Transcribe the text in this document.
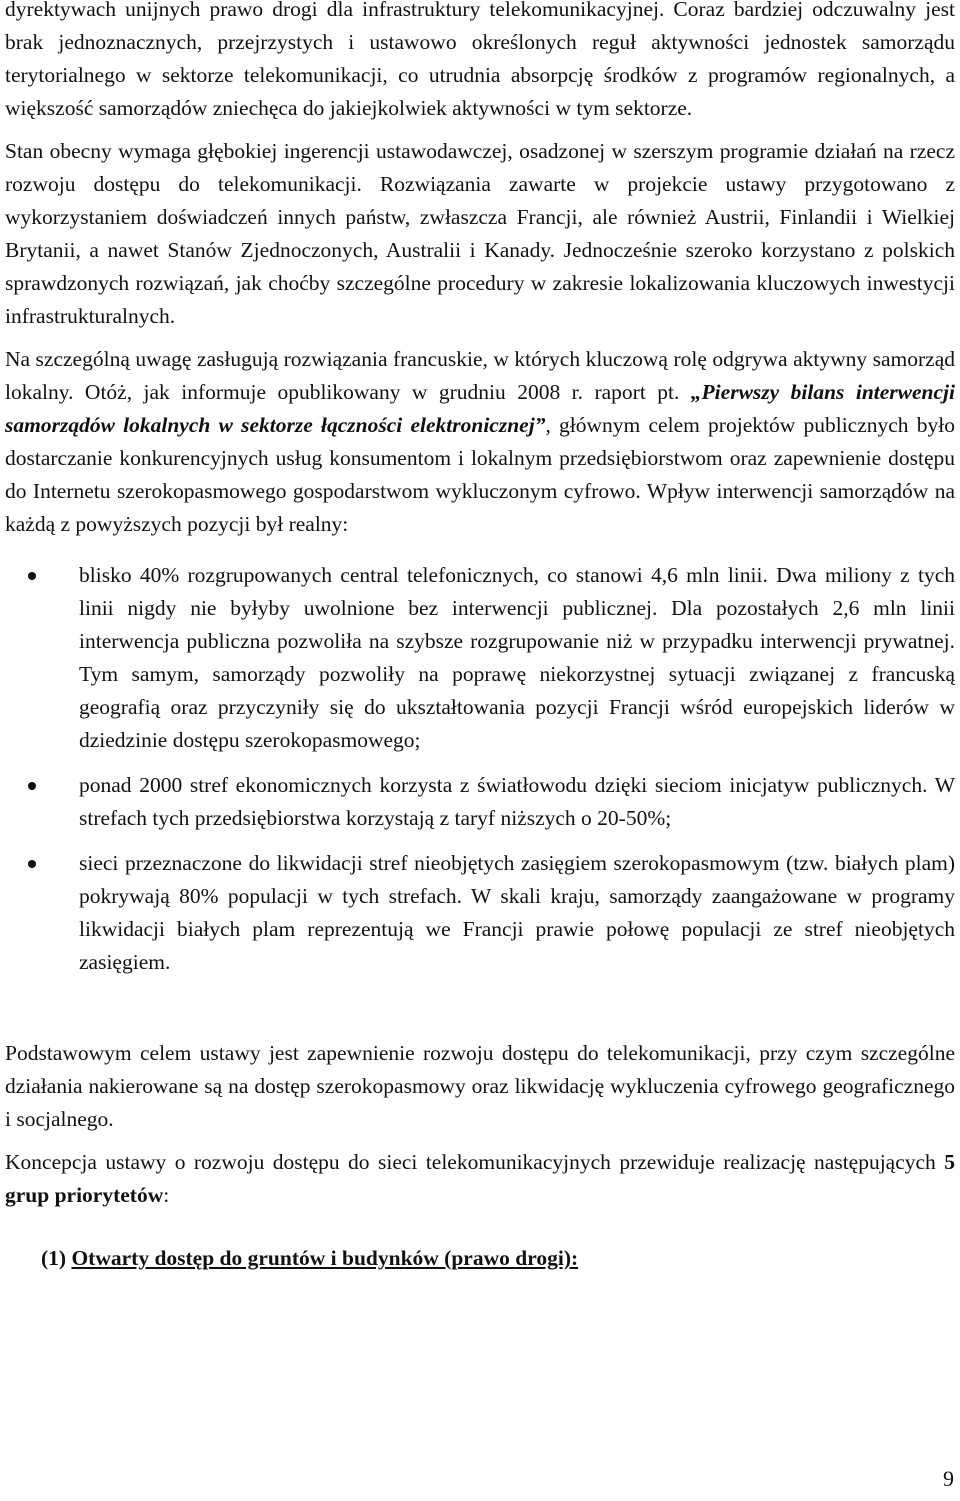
dyrektywach unijnych prawo drogi dla infrastruktury telekomunikacyjnej. Coraz bardziej odczuwalny jest brak jednoznacznych, przejrzystych i ustawowo określonych reguł aktywności jednostek samorządu terytorialnego w sektorze telekomunikacji, co utrudnia absorpcję środków z programów regionalnych, a większość samorządów zniechęca do jakiejkolwiek aktywności w tym sektorze.

Stan obecny wymaga głębokiej ingerencji ustawodawczej, osadzonej w szerszym programie działań na rzecz rozwoju dostępu do telekomunikacji. Rozwiązania zawarte w projekcie ustawy przygotowano z wykorzystaniem doświadczeń innych państw, zwłaszcza Francji, ale również Austrii, Finlandii i Wielkiej Brytanii, a nawet Stanów Zjednoczonych, Australii i Kanady. Jednocześnie szeroko korzystano z polskich sprawdzonych rozwiązań, jak choćby szczególne procedury w zakresie lokalizowania kluczowych inwestycji infrastrukturalnych.

Na szczególną uwagę zasługują rozwiązania francuskie, w których kluczową rolę odgrywa aktywny samorząd lokalny. Otóż, jak informuje opublikowany w grudniu 2008 r. raport pt. „Pierwszy bilans interwencji samorządów lokalnych w sektorze łączności elektronicznej”, głównym celem projektów publicznych było dostarczanie konkurencyjnych usług konsumentom i lokalnym przedsiębiorstwom oraz zapewnienie dostępu do Internetu szerokopasmowego gospodarstwom wykluczonym cyfrowo. Wpływ interwencji samorządów na każdą z powyższych pozycji był realny:

blisko 40% rozgrupowanych central telefonicznych, co stanowi 4,6 mln linii. Dwa miliony z tych linii nigdy nie byłyby uwolnione bez interwencji publicznej. Dla pozostałych 2,6 mln linii interwencja publiczna pozwoliła na szybsze rozgrupowanie niż w przypadku interwencji prywatnej. Tym samym, samorządy pozwoliły na poprawę niekorzystnej sytuacji związanej z francuską geografią oraz przyczyniły się do ukształtowania pozycji Francji wśród europejskich liderów w dziedzinie dostępu szerokopasmowego;
ponad 2000 stref ekonomicznych korzysta z światłowodu dzięki sieciom inicjatyw publicznych. W strefach tych przedsiębiorstwa korzystają z taryf niższych o 20-50%;
sieci przeznaczone do likwidacji stref nieobjętych zasięgiem szerokopasmowym (tzw. białych plam) pokrywają 80% populacji w tych strefach. W skali kraju, samorządy zaangażowane w programy likwidacji białych plam reprezentują we Francji prawie połowę populacji ze stref nieobjętych zasięgiem.

Podstawowym celem ustawy jest zapewnienie rozwoju dostępu do telekomunikacji, przy czym szczególne działania nakierowane są na dostęp szerokopasmowy oraz likwidację wykluczenia cyfrowego geograficznego i socjalnego.

Koncepcja ustawy o rozwoju dostępu do sieci telekomunikacyjnych przewiduje realizację następujących 5 grup priorytetów:

(1) Otwarty dostęp do gruntów i budynków (prawo drogi):
9
